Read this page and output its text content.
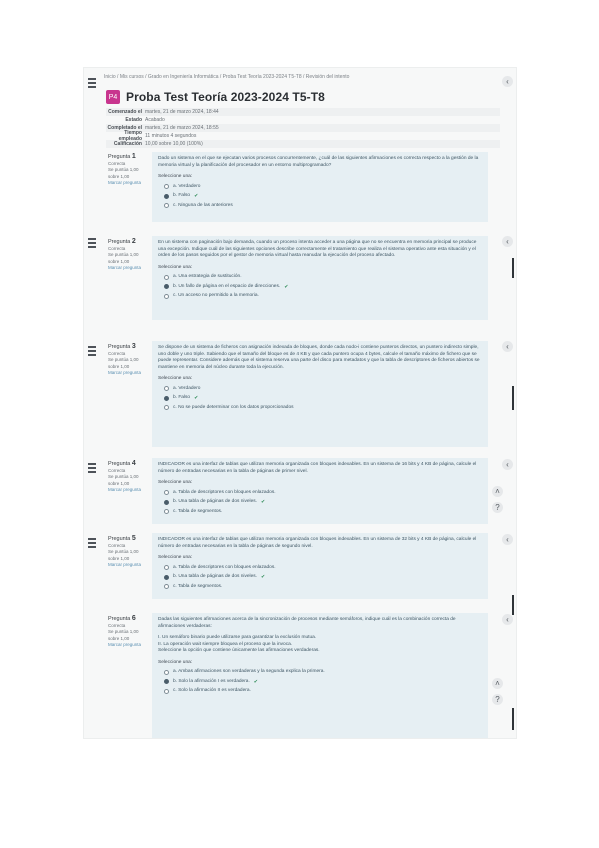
Inicio / Mis cursos / Grado en Ingeniería Informática / Proba Test Teoría 2023-2024 T5-T8 / Revisión del intento
P4 Proba Test Teoría 2023-2024 T5-T8
Comenzado el martes, 21 de marzo 2024, 18:44
Estado Acabado
Completado el martes, 21 de marzo 2024, 18:55
Tiempo empleado 11 minutos 4 segundos
Calificación 10,00 sobre 10,00 (100%)
Pregunta 1
Correcta
Se puntúa 1,00 sobre 1,00
Marcar pregunta
Dado un sistema en el que se ejecutan varios procesos concurrentemente, ¿cuál de las siguientes afirmaciones es correcta respecto a la gestión de la memoria virtual y la planificación del procesador en un entorno multiprogramado?
Seleccione una:
a. Verdadero
b. Falso ✔
c. Ninguna de las anteriores
Pregunta 2
Correcta
Se puntúa 1,00 sobre 1,00
Marcar pregunta
En un sistema con paginación bajo demanda, cuando un proceso intenta acceder a una página que no se encuentra en memoria principal se produce una excepción. Indique cuál de las siguientes opciones describe correctamente el tratamiento que realiza el sistema operativo ante esta situación y el orden de los pasos seguidos por el gestor de memoria virtual hasta reanudar la ejecución del proceso afectado.
Seleccione una:
a. Una estrategia de sustitución.
b. Un fallo de página en el espacio de direcciones. ✔
c. Un acceso no permitido a la memoria.
Pregunta 3
Correcta
Se puntúa 1,00 sobre 1,00
Marcar pregunta
Se dispone de un sistema de ficheros con asignación indexada de bloques, donde cada nodo-i contiene punteros directos, un puntero indirecto simple, uno doble y uno triple. Sabiendo que el tamaño del bloque es de 4 KB y que cada puntero ocupa 4 bytes, calcule el tamaño máximo de fichero que se puede representar. Considere además que el sistema reserva una parte del disco para metadatos y que la tabla de descriptores de ficheros abiertos se mantiene en memoria del núcleo durante toda la ejecución.
Seleccione una:
a. Verdadero
b. Falso ✔
c. No se puede determinar con los datos proporcionados
Pregunta 4
Correcta
Se puntúa 1,00 sobre 1,00
Marcar pregunta
INDICADOR es una interfaz de tablas que utilizan memoria organizada con bloques indexables. En un sistema de 16 bits y 4 KB de página, calcule el número de entradas necesarias en la tabla de páginas de primer nivel.
Seleccione una:
a. Tabla de descriptores con bloques enlazados.
b. Una tabla de páginas de dos niveles. ✔
c. Tabla de segmentos.
Pregunta 5
Correcta
Se puntúa 1,00 sobre 1,00
Marcar pregunta
INDICADOR es una interfaz de tablas que utilizan memoria organizada con bloques indexables. En un sistema de 32 bits y 4 KB de página, calcule el número de entradas necesarias en la tabla de páginas de segundo nivel.
Seleccione una:
a. Tabla de descriptores con bloques enlazados.
b. Una tabla de páginas de dos niveles. ✔
c. Tabla de segmentos.
Pregunta 6
Correcta
Se puntúa 1,00 sobre 1,00
Marcar pregunta
Dadas las siguientes afirmaciones acerca de la sincronización de procesos mediante semáforos, indique cuál es la combinación correcta de afirmaciones verdaderas:
I. Un semáforo binario puede utilizarse para garantizar la exclusión mutua.
II. La operación wait siempre bloquea el proceso que la invoca.
Seleccione la opción que contiene únicamente las afirmaciones verdaderas.
Seleccione una:
a. Ambas afirmaciones son verdaderas y la segunda explica la primera.
b. Solo la afirmación I es verdadera. ✔
c. Solo la afirmación II es verdadera.
‹
‹
‹
‹
‹
‹
˄
?
˄
?
